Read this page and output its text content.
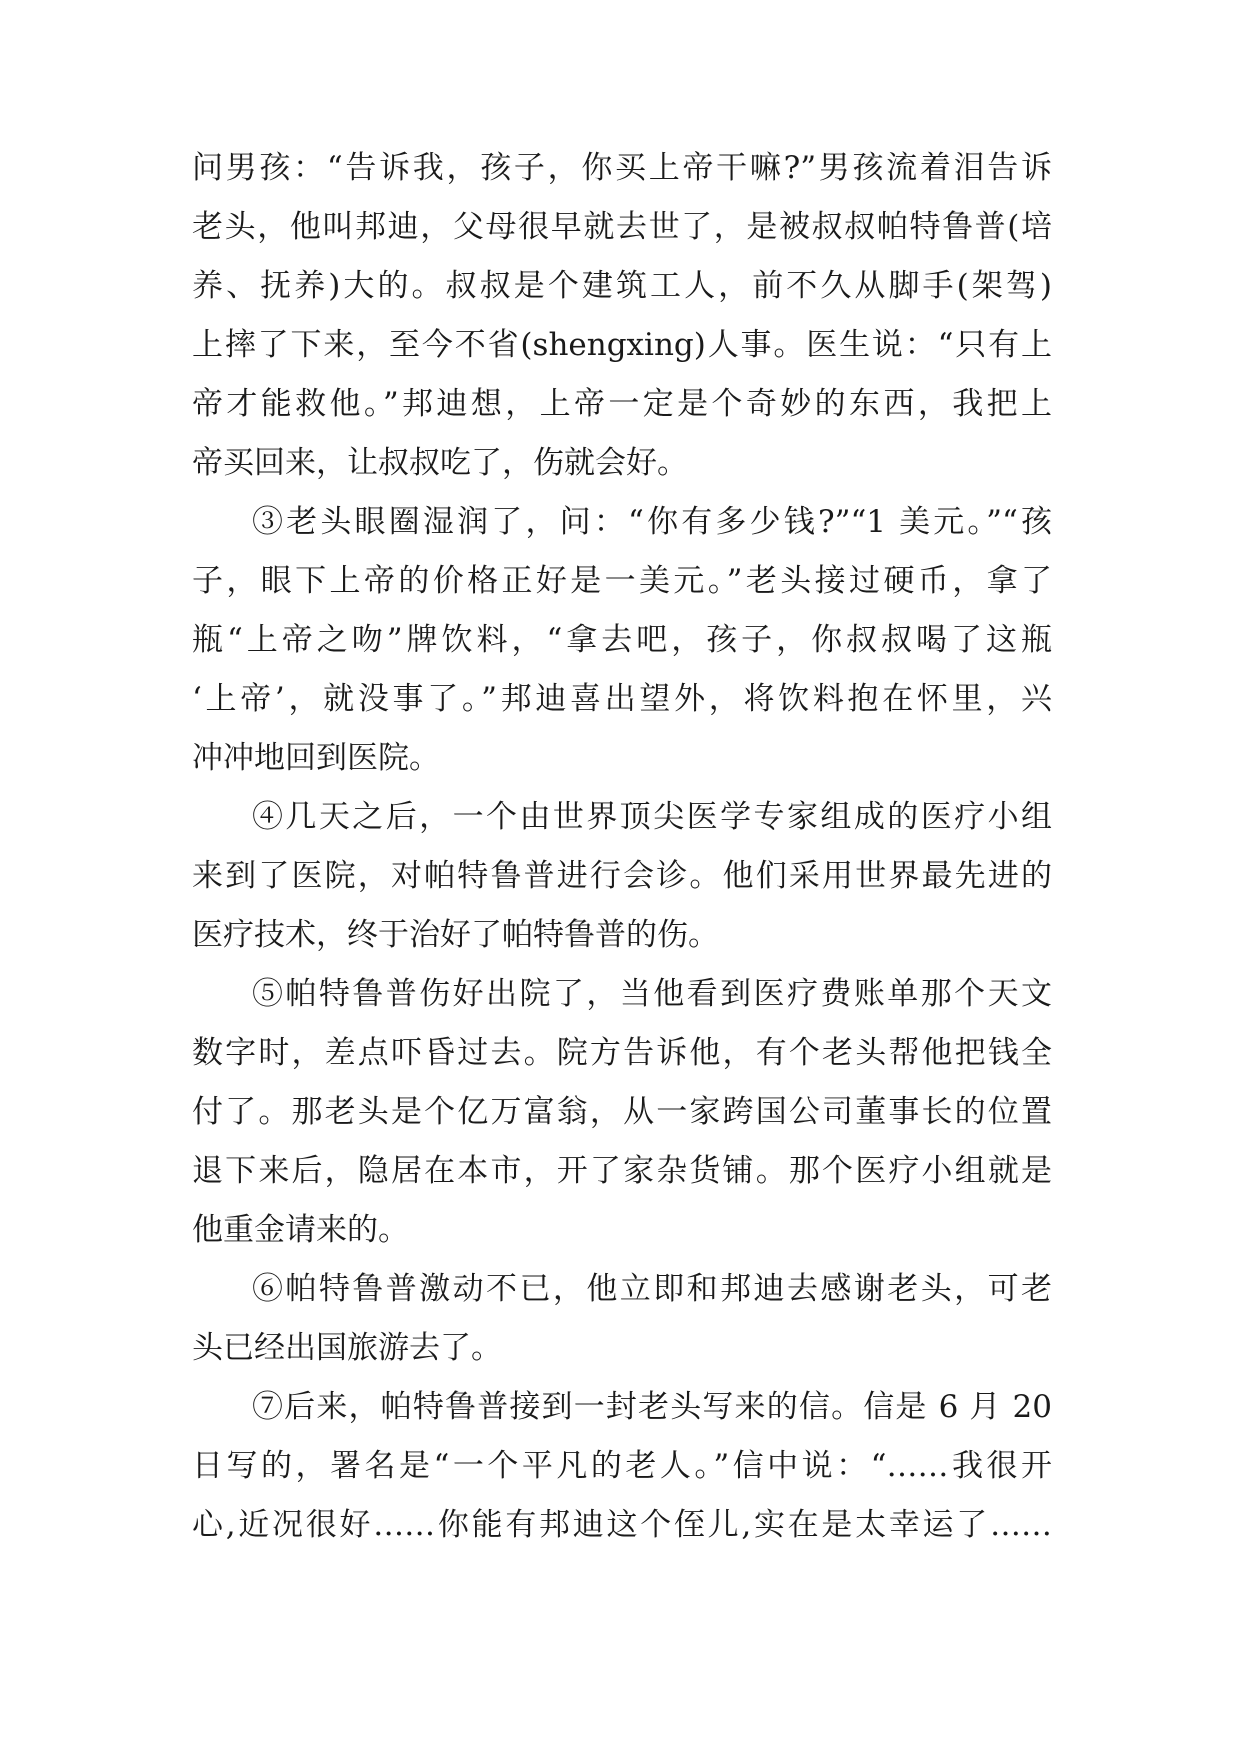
问男孩：“告诉我，孩子，你买上帝干嘛?”男孩流着泪告诉
老头，他叫邦迪，父母很早就去世了，是被叔叔帕特鲁普(培
养、抚养)大的。叔叔是个建筑工人，前不久从脚手(架驾)
上摔了下来，至今不省(shengxing)人事。医生说：“只有上
帝才能救他。”邦迪想，上帝一定是个奇妙的东西，我把上
帝买回来，让叔叔吃了，伤就会好。
③老头眼圈湿润了，问：“你有多少钱?”“1 美元。”“孩
子，眼下上帝的价格正好是一美元。”老头接过硬币，拿了
瓶“上帝之吻”牌饮料，“拿去吧，孩子，你叔叔喝了这瓶
‘上帝’，就没事了。”邦迪喜出望外，将饮料抱在怀里，兴
冲冲地回到医院。
④几天之后，一个由世界顶尖医学专家组成的医疗小组
来到了医院，对帕特鲁普进行会诊。他们采用世界最先进的
医疗技术，终于治好了帕特鲁普的伤。
⑤帕特鲁普伤好出院了，当他看到医疗费账单那个天文
数字时，差点吓昏过去。院方告诉他，有个老头帮他把钱全
付了。那老头是个亿万富翁，从一家跨国公司董事长的位置
退下来后，隐居在本市，开了家杂货铺。那个医疗小组就是
他重金请来的。
⑥帕特鲁普激动不已，他立即和邦迪去感谢老头，可老
头已经出国旅游去了。
⑦后来，帕特鲁普接到一封老头写来的信。信是 6 月 20
日写的，署名是“一个平凡的老人。”信中说：“……我很开
心,近况很好……你能有邦迪这个侄儿,实在是太幸运了……
